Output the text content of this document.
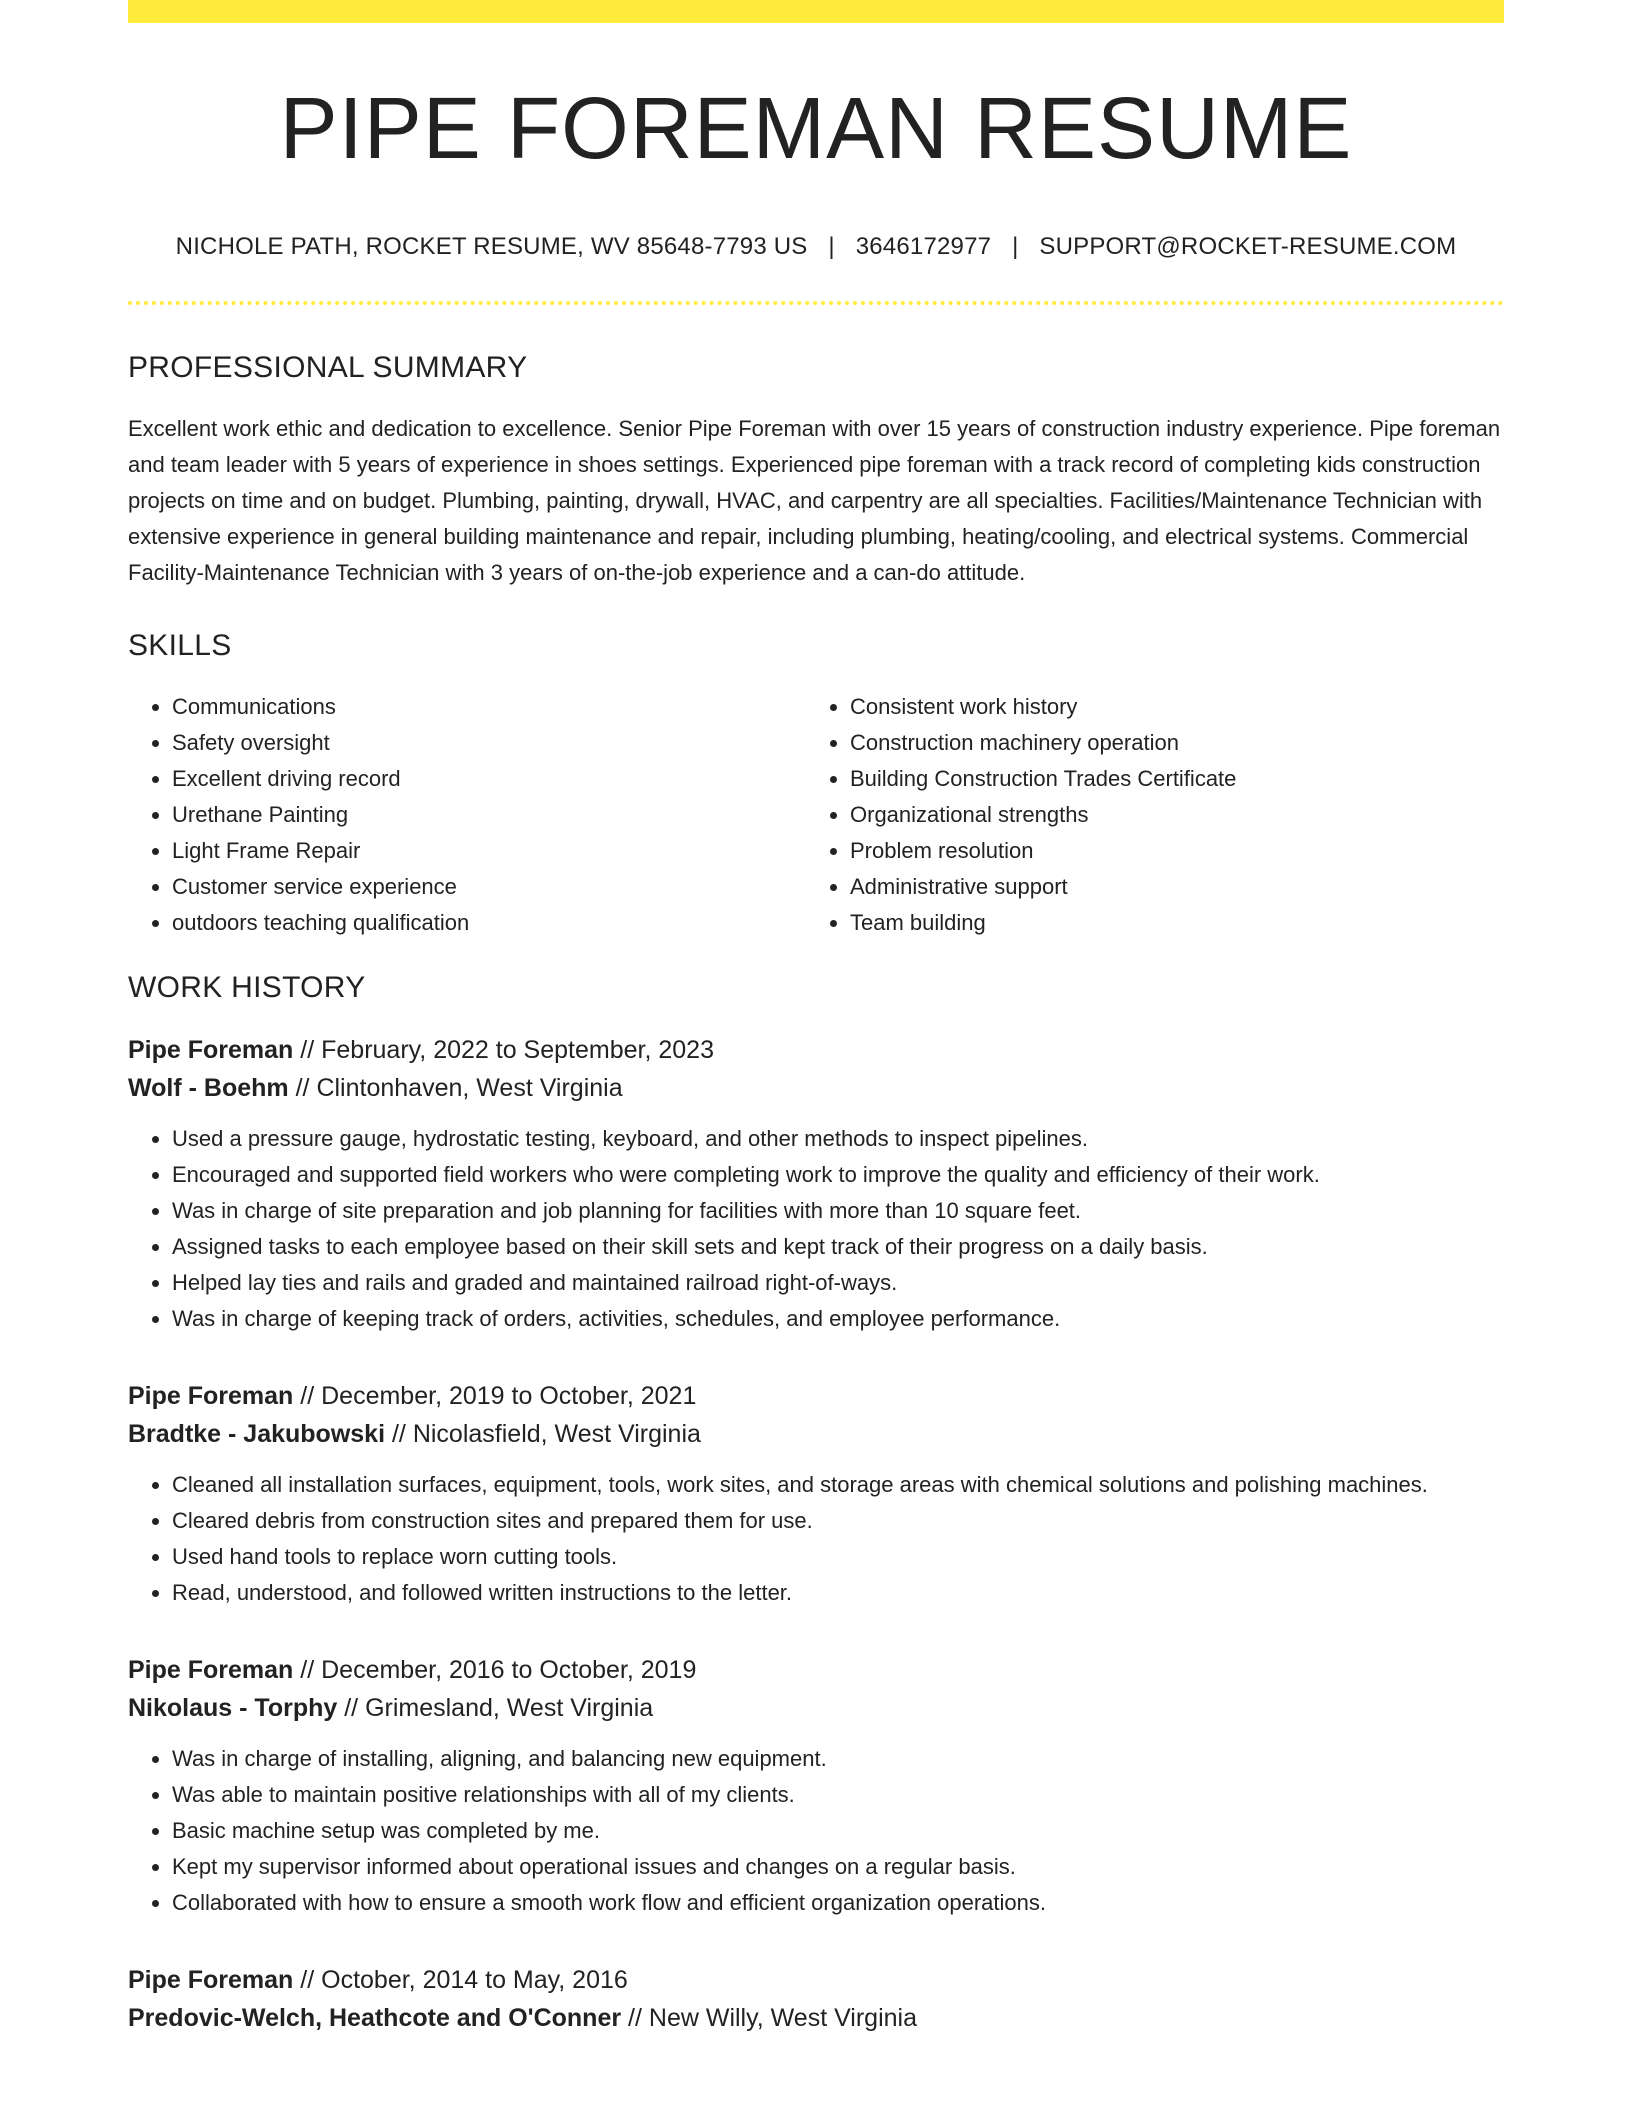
PIPE FOREMAN RESUME
NICHOLE PATH, ROCKET RESUME, WV 85648-7793 US | 3646172977 | SUPPORT@ROCKET-RESUME.COM
PROFESSIONAL SUMMARY
Excellent work ethic and dedication to excellence. Senior Pipe Foreman with over 15 years of construction industry experience. Pipe foreman and team leader with 5 years of experience in shoes settings. Experienced pipe foreman with a track record of completing kids construction projects on time and on budget. Plumbing, painting, drywall, HVAC, and carpentry are all specialties. Facilities/Maintenance Technician with extensive experience in general building maintenance and repair, including plumbing, heating/cooling, and electrical systems. Commercial Facility-Maintenance Technician with 3 years of on-the-job experience and a can-do attitude.
SKILLS
• Communications
• Safety oversight
• Excellent driving record
• Urethane Painting
• Light Frame Repair
• Customer service experience
• outdoors teaching qualification
• Consistent work history
• Construction machinery operation
• Building Construction Trades Certificate
• Organizational strengths
• Problem resolution
• Administrative support
• Team building
WORK HISTORY
Pipe Foreman // February, 2022 to September, 2023
Wolf - Boehm // Clintonhaven, West Virginia
• Used a pressure gauge, hydrostatic testing, keyboard, and other methods to inspect pipelines.
• Encouraged and supported field workers who were completing work to improve the quality and efficiency of their work.
• Was in charge of site preparation and job planning for facilities with more than 10 square feet.
• Assigned tasks to each employee based on their skill sets and kept track of their progress on a daily basis.
• Helped lay ties and rails and graded and maintained railroad right-of-ways.
• Was in charge of keeping track of orders, activities, schedules, and employee performance.
Pipe Foreman // December, 2019 to October, 2021
Bradtke - Jakubowski // Nicolasfield, West Virginia
• Cleaned all installation surfaces, equipment, tools, work sites, and storage areas with chemical solutions and polishing machines.
• Cleared debris from construction sites and prepared them for use.
• Used hand tools to replace worn cutting tools.
• Read, understood, and followed written instructions to the letter.
Pipe Foreman // December, 2016 to October, 2019
Nikolaus - Torphy // Grimesland, West Virginia
• Was in charge of installing, aligning, and balancing new equipment.
• Was able to maintain positive relationships with all of my clients.
• Basic machine setup was completed by me.
• Kept my supervisor informed about operational issues and changes on a regular basis.
• Collaborated with how to ensure a smooth work flow and efficient organization operations.
Pipe Foreman // October, 2014 to May, 2016
Predovic-Welch, Heathcote and O'Conner // New Willy, West Virginia
